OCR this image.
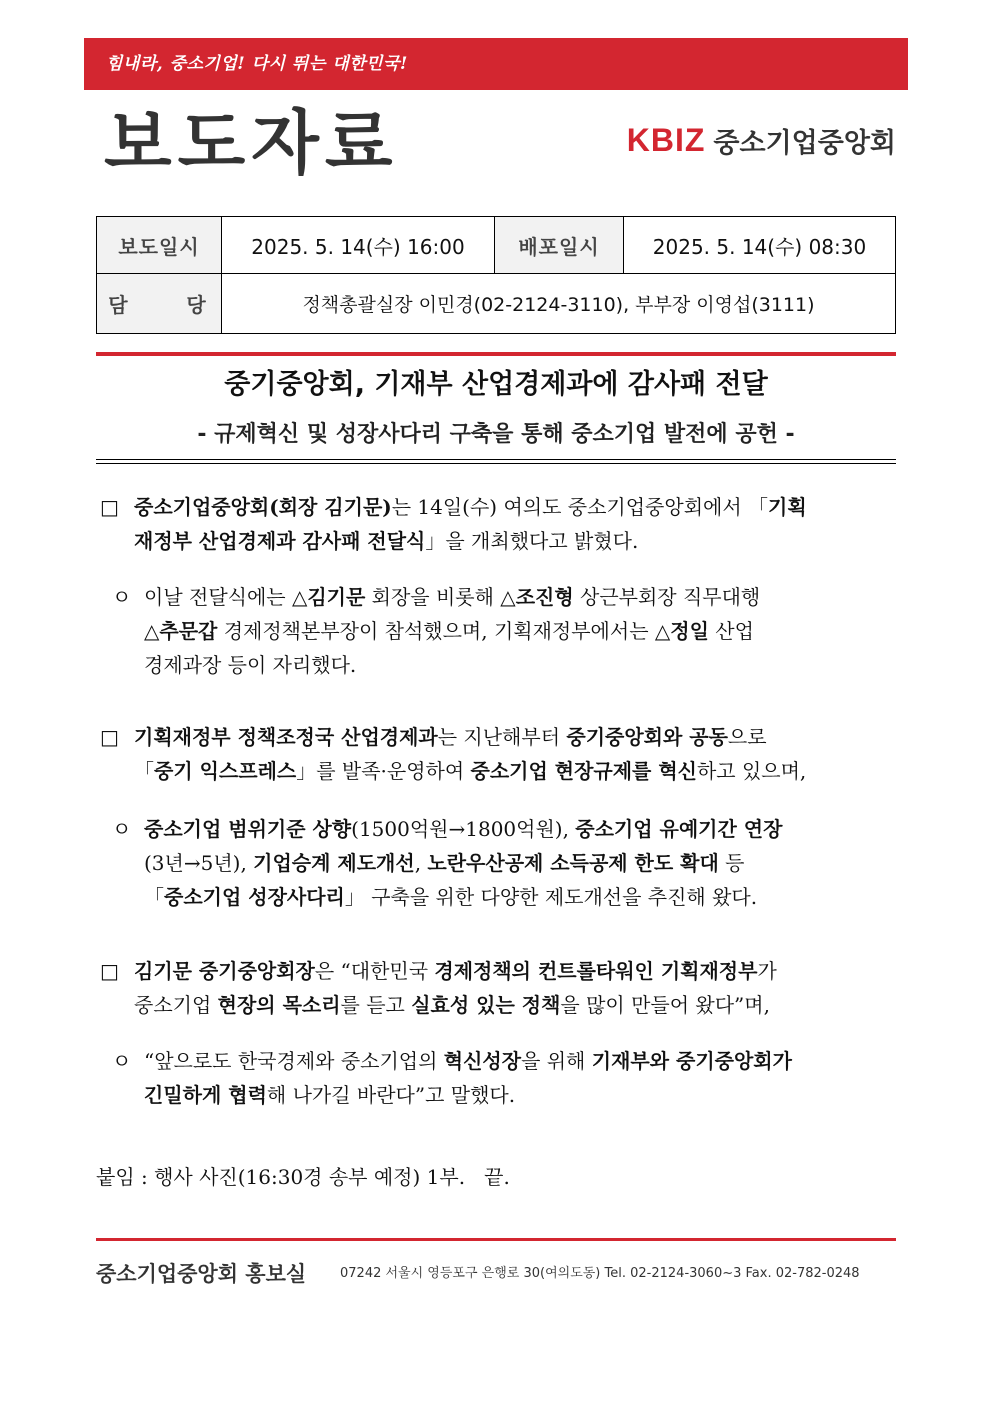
힘내라, 중소기업! 다시 뛰는 대한민국!
보도자료	KBIZ 중소기업중앙회
보도일시	2025. 5. 14(수) 16:00	배포일시	2025. 5. 14(수) 08:30
담     당	정책총괄실장 이민경(02-2124-3110), 부부장 이영섭(3111)		
중기중앙회, 기재부 산업경제과에 감사패 전달
- 규제혁신 및 성장사다리 구축을 통해 중소기업 발전에 공헌 -
□ 중소기업중앙회(회장 김기문)는 14일(수) 여의도 중소기업중앙회에서 「기획
재정부 산업경제과 감사패 전달식」을 개최했다고 밝혔다.
ㅇ 이날 전달식에는 △김기문 회장을 비롯해 △조진형 상근부회장 직무대행
△추문갑 경제정책본부장이 참석했으며, 기획재정부에서는 △정일 산업
경제과장 등이 자리했다.
□ 기획재정부 정책조정국 산업경제과는 지난해부터 중기중앙회와 공동으로
「중기 익스프레스」를 발족·운영하여 중소기업 현장규제를 혁신하고 있으며,
ㅇ 중소기업 범위기준 상향(1500억원→1800억원), 중소기업 유예기간 연장
(3년→5년), 기업승계 제도개선, 노란우산공제 소득공제 한도 확대 등
「중소기업 성장사다리」 구축을 위한 다양한 제도개선을 추진해 왔다.
□ 김기문 중기중앙회장은 “대한민국 경제정책의 컨트롤타워인 기획재정부가
중소기업 현장의 목소리를 듣고 실효성 있는 정책을 많이 만들어 왔다”며,
ㅇ “앞으로도 한국경제와 중소기업의 혁신성장을 위해 기재부와 중기중앙회가
긴밀하게 협력해 나가길 바란다”고 말했다.
붙임 : 행사 사진(16:30경 송부 예정) 1부.   끝.
중소기업중앙회 홍보실	07242 서울시 영등포구 은행로 30(여의도동) Tel. 02-2124-3060~3 Fax. 02-782-0248
